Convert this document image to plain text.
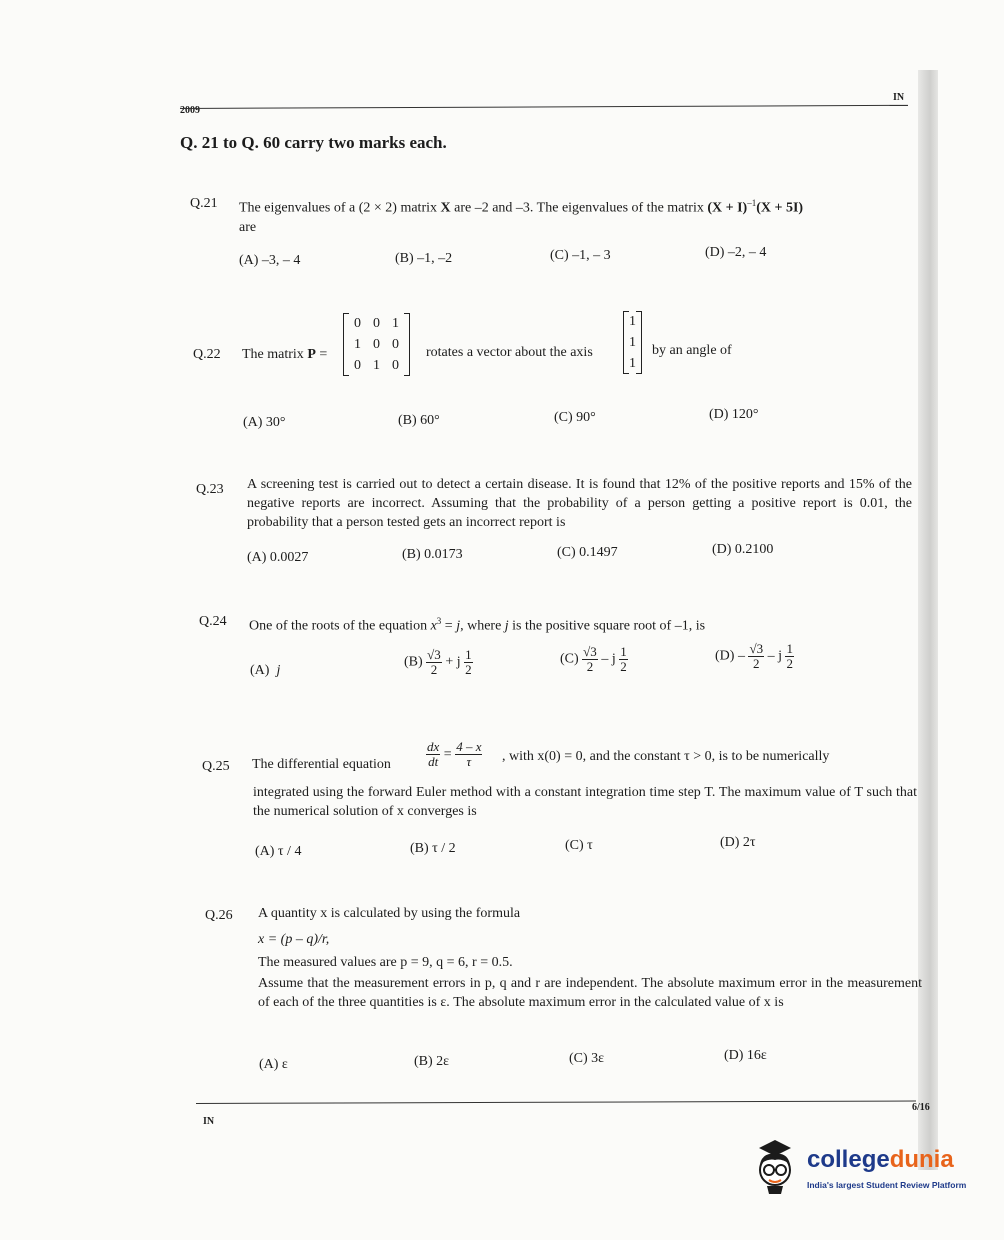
2009
IN
Q. 21 to Q. 60 carry two marks each.
Q.21 The eigenvalues of a (2 × 2) matrix X are –2 and –3. The eigenvalues of the matrix $(X + I)^{-1}(X + 5I)$
are
(A) –3, – 4	(B) –1, –2	(C) –1, – 3	(D) –2, – 4
Q.22 The matrix P =
0	0	1
1	0	0
0	1	0
rotates a vector about the axis
1
1
1
by an angle of
(A) 30°	(B) 60°	(C) 90°	(D) 120°
Q.23 A screening test is carried out to detect a certain disease. It is found that 12% of the positive reports and 15% of the negative reports are incorrect. Assuming that the probability of a person getting a positive report is 0.01, the probability that a person tested gets an incorrect report is
(A) 0.0027	(B) 0.0173	(C) 0.1497	(D) 0.2100
Q.24 One of the roots of the equation $x^3 = j$, where j is the positive square root of –1, is
(A) j
$(B) \frac{√3}{2} + j \frac{1}{2}$	$(C) \frac{√3}{2}$ – j $\frac{1}{2}$	$(D) - \frac{√3}{2}$ – j $\frac{1}{2}$
Q.25 The differential equation	$\frac{dx}{dt} = \frac{4 - x}{\tau}$ , with x(0) = 0, and the constant τ > 0, is to be numerically
integrated using the forward Euler method with a constant integration time step T. The maximum value of T such that the numerical solution of x converges is
(A) τ / 4	(B) τ / 2	(C) τ	(D) 2τ
Q.26 A quantity x is calculated by using the formula
x = (p – q)/r,
The measured values are p = 9, q = 6, r = 0.5.
Assume that the measurement errors in p, q and r are independent. The absolute maximum error in the measurement of each of the three quantities is ε. The absolute maximum error in the calculated value of x is
(A) ε	(B) 2ε	(C) 3ε	(D) 16ε
IN
6/16
collegedunia
India's largest Student Review Platform
